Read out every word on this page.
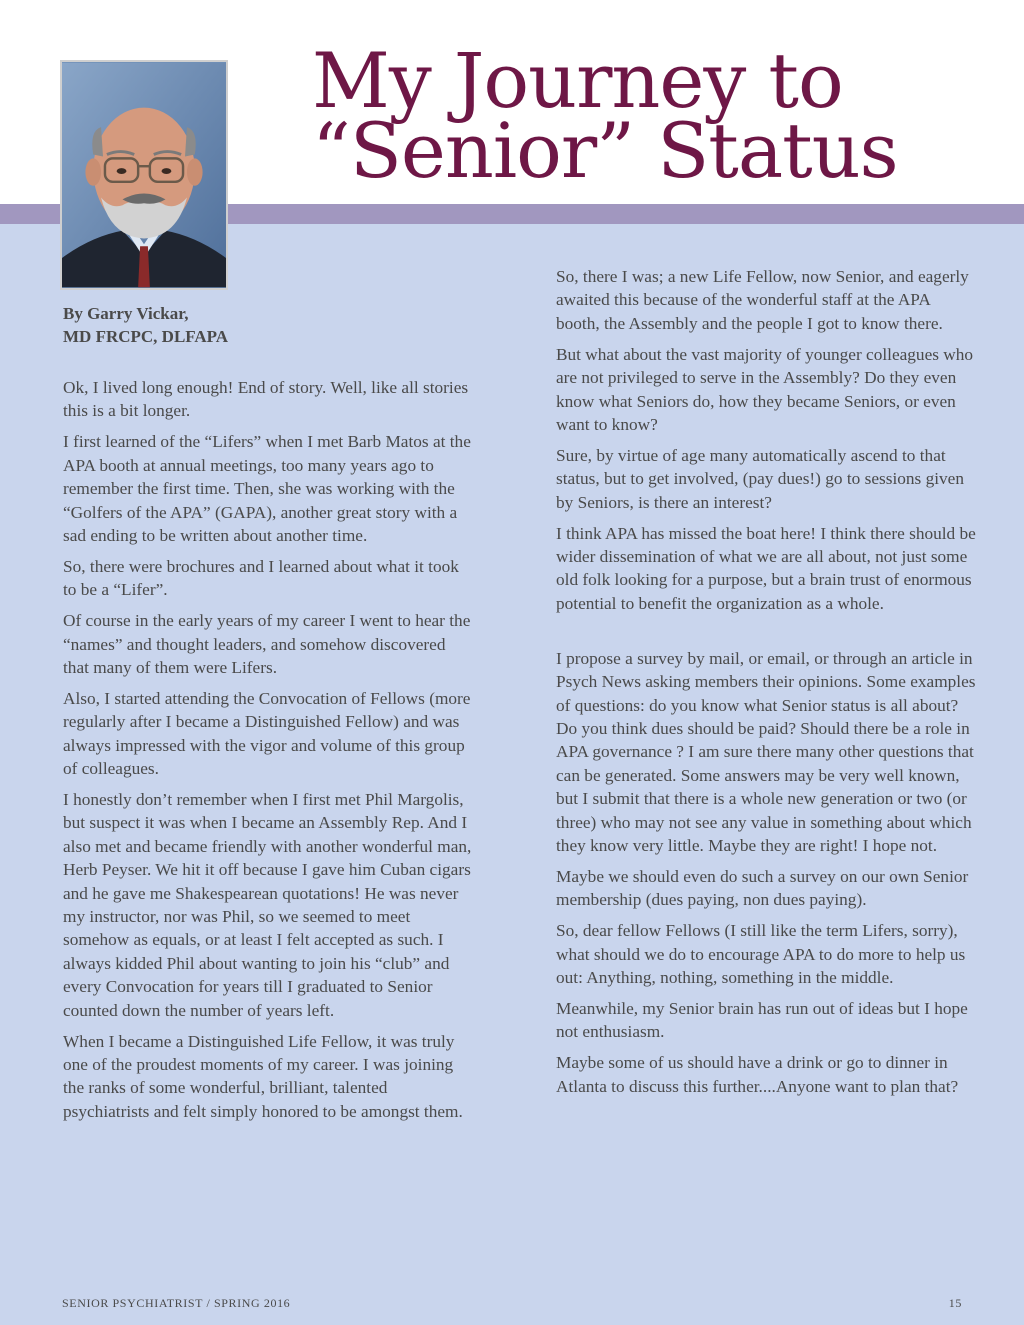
My Journey to
“Senior” Status
By Garry Vickar,
MD FRCPC, DLFAPA

Ok, I lived long enough! End of story. Well, like all stories this is a bit longer.

I first learned of the “Lifers” when I met Barb Matos at the APA booth at annual meetings, too many years ago to remember the first time. Then, she was working with the “Golfers of the APA” (GAPA), another great story with a sad ending to be written about another time.

So, there were brochures and I learned about what it took to be a “Lifer”.

Of course in the early years of my career I went to hear the “names” and thought leaders, and somehow discovered that many of them were Lifers.

Also, I started attending the Convocation of Fellows (more regularly after I became a Distinguished Fellow) and was always impressed with the vigor and volume of this group of colleagues.

I honestly don’t remember when I first met Phil Margolis, but suspect it was when I became an Assembly Rep. And I also met and became friendly with another wonderful man, Herb Peyser. We hit it off because I gave him Cuban cigars and he gave me Shakespearean quotations! He was never my instructor, nor was Phil, so we seemed to meet somehow as equals, or at least I felt accepted as such. I always kidded Phil about wanting to join his “club” and every Convocation for years till I graduated to Senior counted down the number of years left.

When I became a Distinguished Life Fellow, it was truly one of the proudest moments of my career. I was joining the ranks of some wonderful, brilliant, talented psychiatrists and felt simply honored to be amongst them.

So, there I was; a new Life Fellow, now Senior, and eagerly awaited this because of the wonderful staff at the APA booth, the Assembly and the people I got to know there.

But what about the vast majority of younger colleagues who are not privileged to serve in the Assembly? Do they even know what Seniors do, how they became Seniors, or even want to know?

Sure, by virtue of age many automatically ascend to that status, but to get involved, (pay dues!) go to sessions given by Seniors, is there an interest?

I think APA has missed the boat here! I think there should be wider dissemination of what we are all about, not just some old folk looking for a purpose, but a brain trust of enormous potential to benefit the organization as a whole.

I propose a survey by mail, or email, or through an article in Psych News asking members their opinions. Some examples of questions: do you know what Senior status is all about? Do you think dues should be paid? Should there be a role in APA governance ? I am sure there many other questions that can be generated. Some answers may be very well known, but I submit that there is a whole new generation or two (or three) who may not see any value in something about which they know very little. Maybe they are right! I hope not.

Maybe we should even do such a survey on our own Senior membership (dues paying, non dues paying).

So, dear fellow Fellows (I still like the term Lifers, sorry), what should we do to encourage APA to do more to help us out: Anything, nothing, something in the middle.

Meanwhile, my Senior brain has run out of ideas but I hope not enthusiasm.

Maybe some of us should have a drink or go to dinner in Atlanta to discuss this further....Anyone want to plan that?

SENIOR PSYCHIATRIST / SPRING 2016	15
